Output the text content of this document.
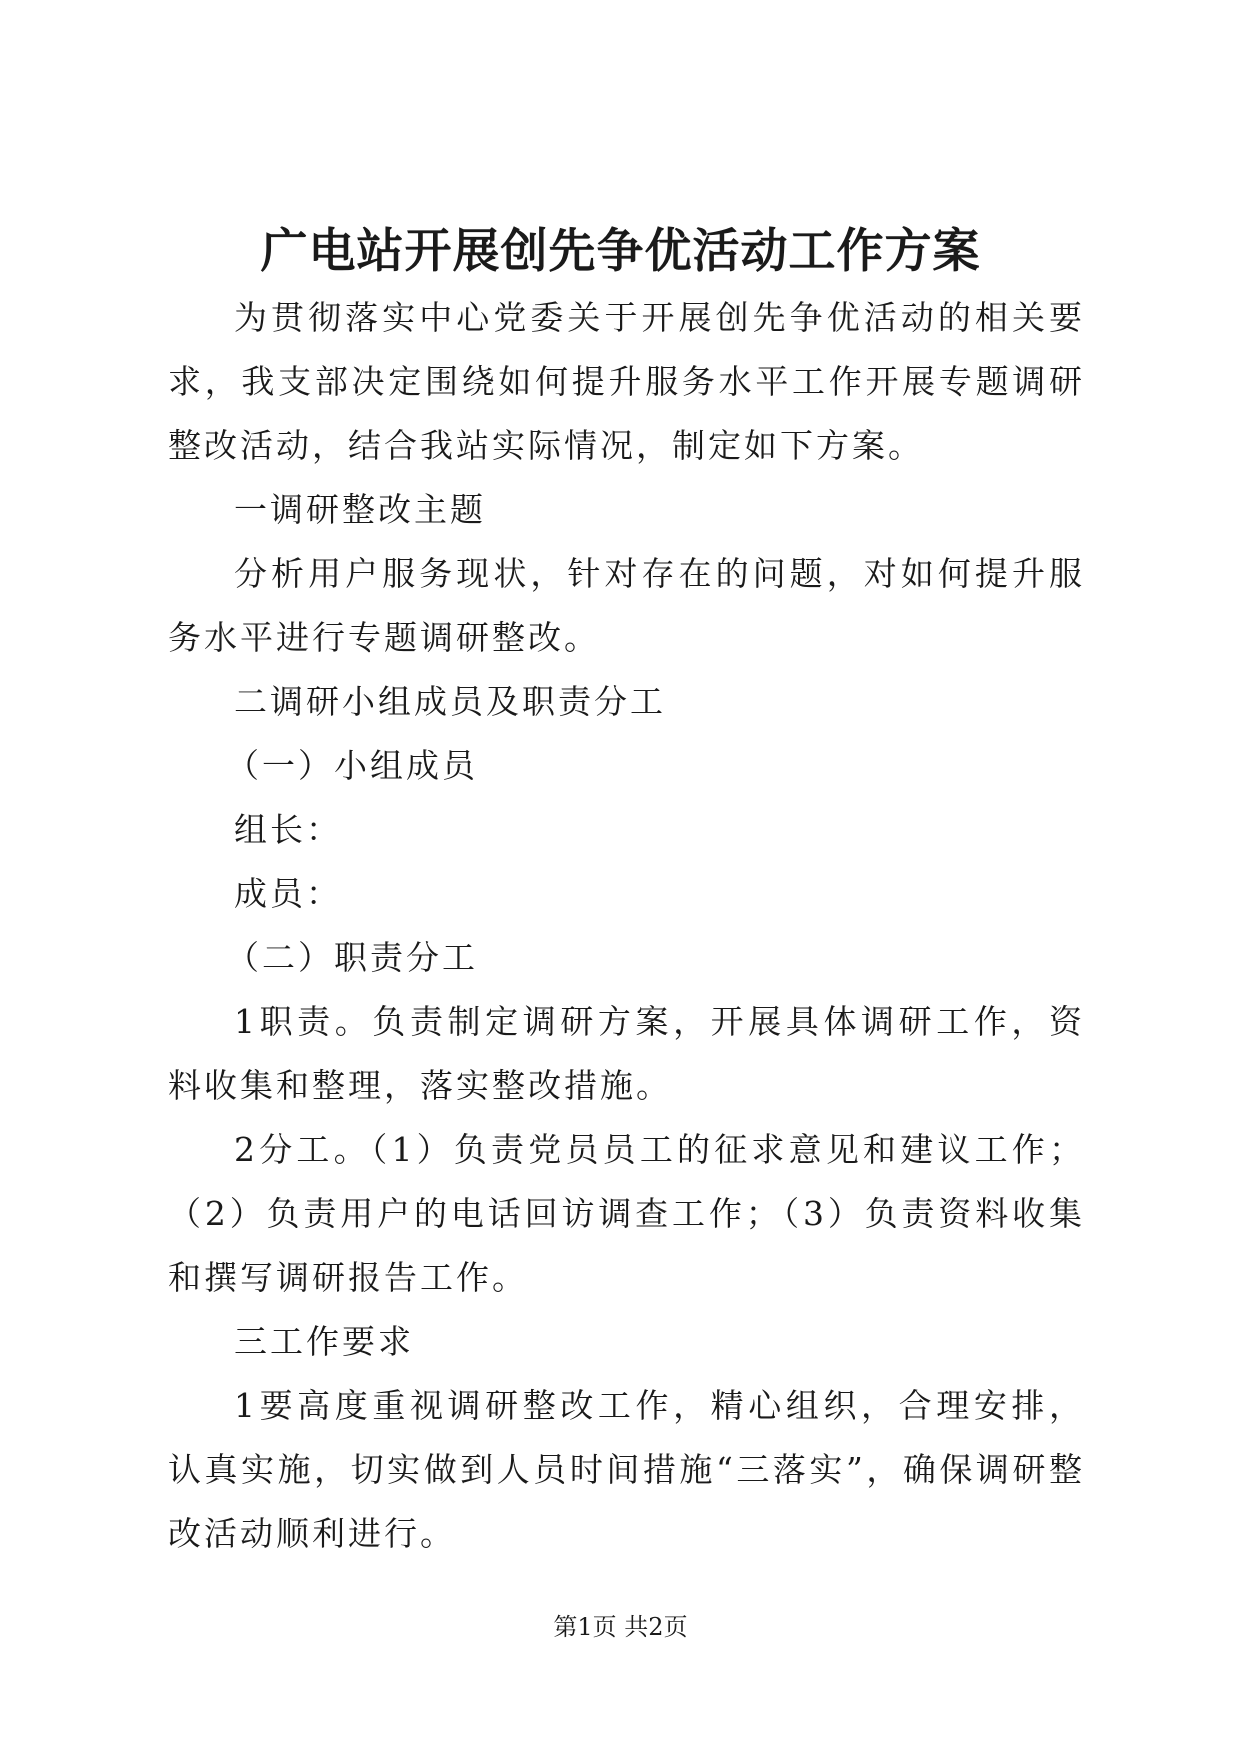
广电站开展创先争优活动工作方案

为贯彻落实中心党委关于开展创先争优活动的相关要求，我支部决定围绕如何提升服务水平工作开展专题调研整改活动，结合我站实际情况，制定如下方案。

一调研整改主题

分析用户服务现状，针对存在的问题，对如何提升服务水平进行专题调研整改。

二调研小组成员及职责分工

（一）小组成员

组长：

成员：

（二）职责分工

1职责。负责制定调研方案，开展具体调研工作，资料收集和整理，落实整改措施。

2分工。（1）负责党员员工的征求意见和建议工作；（2）负责用户的电话回访调查工作；（3）负责资料收集和撰写调研报告工作。

三工作要求

1要高度重视调研整改工作，精心组织，合理安排，认真实施，切实做到人员时间措施“三落实”，确保调研整改活动顺利进行。

第1页 共2页
